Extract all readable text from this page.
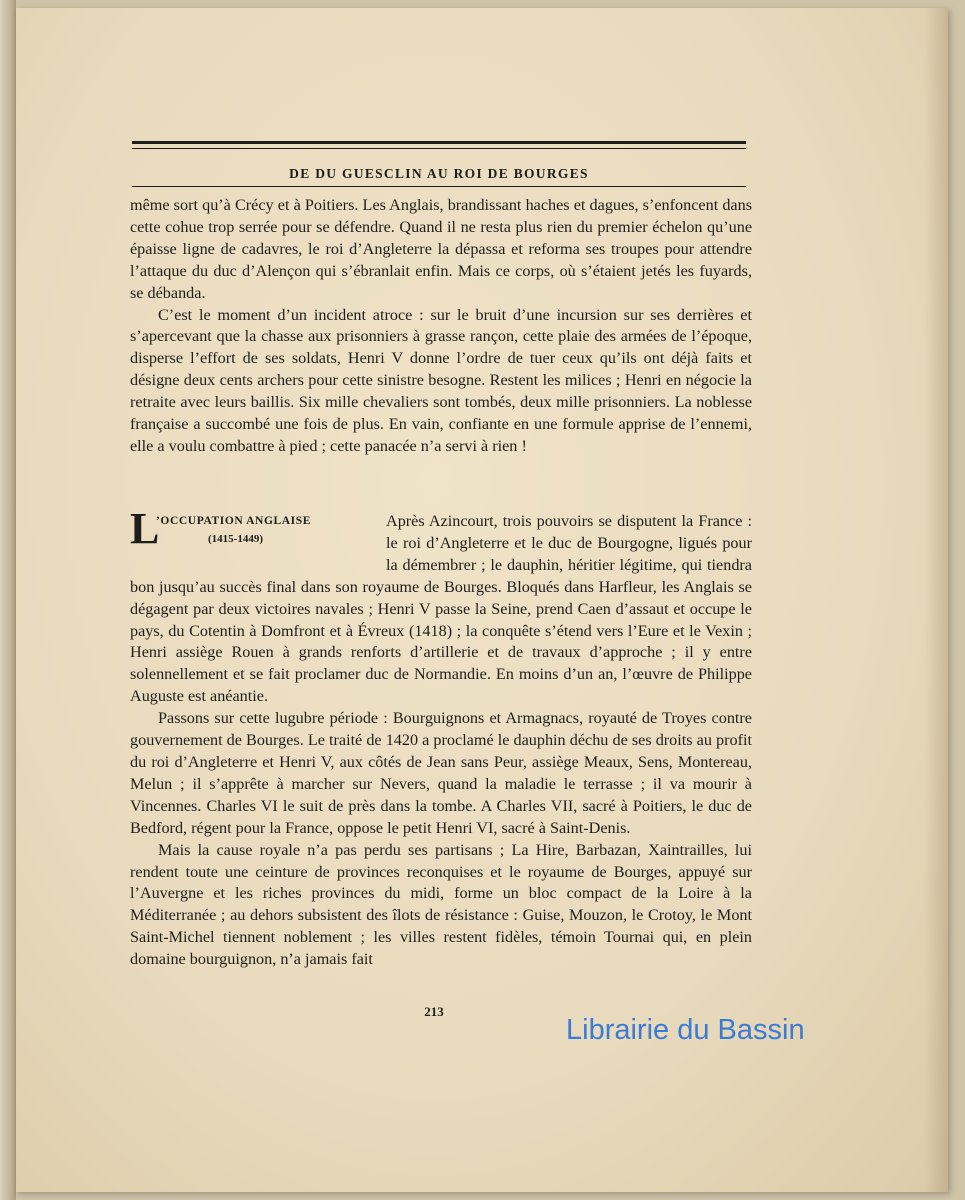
DE DU GUESCLIN AU ROI DE BOURGES

même sort qu’à Crécy et à Poitiers. Les Anglais, brandissant haches et dagues, s’enfoncent dans cette cohue trop serrée pour se défendre. Quand il ne resta plus rien du premier échelon qu’une épaisse ligne de cadavres, le roi d’Angleterre la dépassa et reforma ses troupes pour attendre l’attaque du duc d’Alençon qui s’ébranlait enfin. Mais ce corps, où s’étaient jetés les fuyards, se débanda.

C’est le moment d’un incident atroce : sur le bruit d’une incursion sur ses derrières et s’apercevant que la chasse aux prisonniers à grasse rançon, cette plaie des armées de l’époque, disperse l’effort de ses soldats, Henri V donne l’ordre de tuer ceux qu’ils ont déjà faits et désigne deux cents archers pour cette sinistre besogne. Restent les milices ; Henri en négocie la retraite avec leurs baillis. Six mille chevaliers sont tombés, deux mille prisonniers. La noblesse française a succombé une fois de plus. En vain, confiante en une formule apprise de l’ennemi, elle a voulu combattre à pied ; cette panacée n’a servi à rien !

L
’OCCUPATION ANGLAISE
(1415-1449)

Après Azincourt, trois pouvoirs se disputent la France : le roi d’Angleterre et le duc de Bourgogne, ligués pour la démembrer ; le dauphin, héritier légitime, qui tiendra bon jusqu’au succès final dans son royaume de Bourges. Bloqués dans Harfleur, les Anglais se dégagent par deux victoires navales ; Henri V passe la Seine, prend Caen d’assaut et occupe le pays, du Cotentin à Domfront et à Évreux (1418) ; la conquête s’étend vers l’Eure et le Vexin ; Henri assiège Rouen à grands renforts d’artillerie et de travaux d’approche ; il y entre solennellement et se fait proclamer duc de Normandie. En moins d’un an, l’œuvre de Philippe Auguste est anéantie.

Passons sur cette lugubre période : Bourguignons et Armagnacs, royauté de Troyes contre gouvernement de Bourges. Le traité de 1420 a proclamé le dauphin déchu de ses droits au profit du roi d’Angleterre et Henri V, aux côtés de Jean sans Peur, assiège Meaux, Sens, Montereau, Melun ; il s’apprête à marcher sur Nevers, quand la maladie le terrasse ; il va mourir à Vincennes. Charles VI le suit de près dans la tombe. A Charles VII, sacré à Poitiers, le duc de Bedford, régent pour la France, oppose le petit Henri VI, sacré à Saint-Denis.

Mais la cause royale n’a pas perdu ses partisans ; La Hire, Barbazan, Xaintrailles, lui rendent toute une ceinture de provinces reconquises et le royaume de Bourges, appuyé sur l’Auvergne et les riches provinces du midi, forme un bloc compact de la Loire à la Méditerranée ; au dehors subsistent des îlots de résistance : Guise, Mouzon, le Crotoy, le Mont Saint-Michel tiennent noblement ; les villes restent fidèles, témoin Tournai qui, en plein domaine bourguignon, n’a jamais fait

213
Librairie du Bassin
